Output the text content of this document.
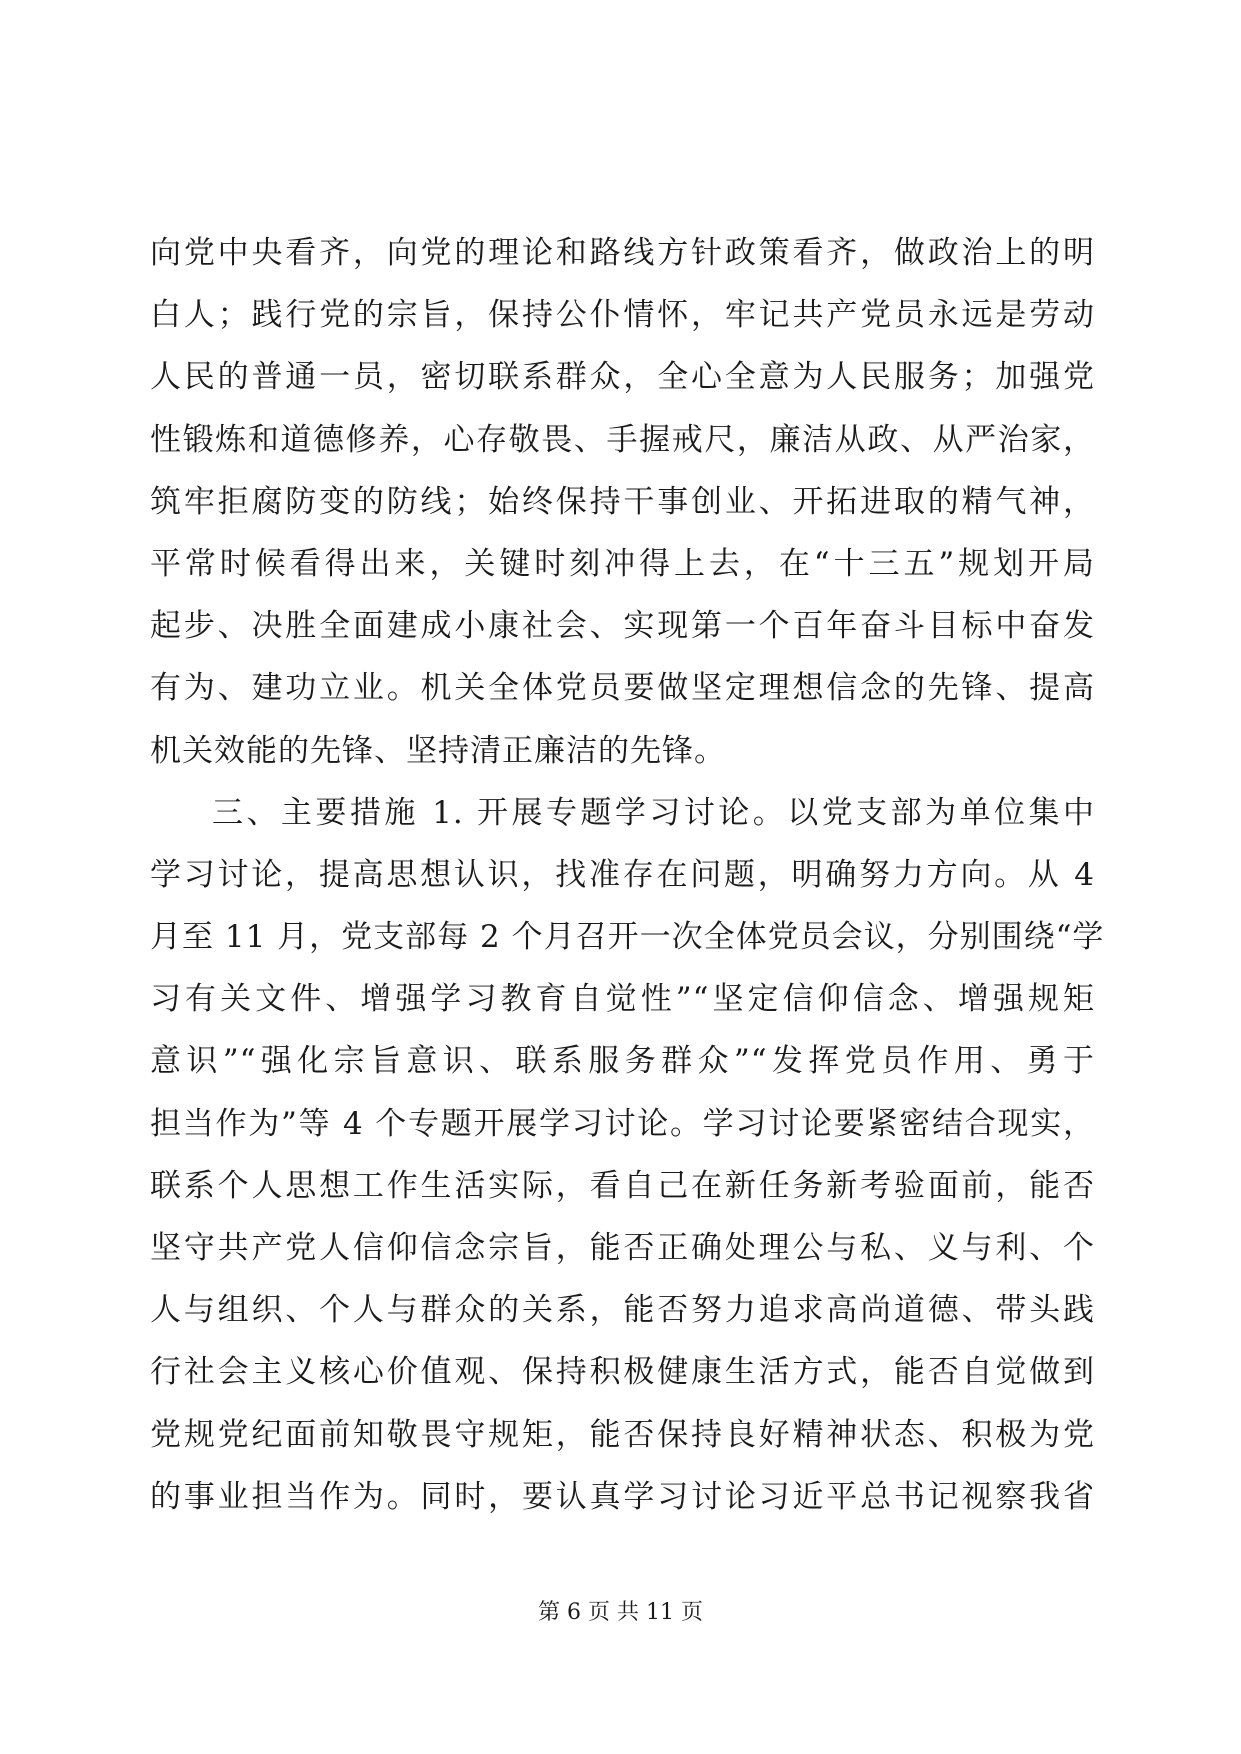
向党中央看齐，向党的理论和路线方针政策看齐，做政治上的明
白人；践行党的宗旨，保持公仆情怀，牢记共产党员永远是劳动
人民的普通一员，密切联系群众，全心全意为人民服务；加强党
性锻炼和道德修养，心存敬畏、手握戒尺，廉洁从政、从严治家，
筑牢拒腐防变的防线；始终保持干事创业、开拓进取的精气神，
平常时候看得出来，关键时刻冲得上去，在“十三五”规划开局
起步、决胜全面建成小康社会、实现第一个百年奋斗目标中奋发
有为、建功立业。机关全体党员要做坚定理想信念的先锋、提高
机关效能的先锋、坚持清正廉洁的先锋。
三、主要措施 1. 开展专题学习讨论。以党支部为单位集中
学习讨论，提高思想认识，找准存在问题，明确努力方向。从 4
月至 11 月，党支部每 2 个月召开一次全体党员会议，分别围绕“学
习有关文件、增强学习教育自觉性”“坚定信仰信念、增强规矩
意识”“强化宗旨意识、联系服务群众”“发挥党员作用、勇于
担当作为”等 4 个专题开展学习讨论。学习讨论要紧密结合现实，
联系个人思想工作生活实际，看自己在新任务新考验面前，能否
坚守共产党人信仰信念宗旨，能否正确处理公与私、义与利、个
人与组织、个人与群众的关系，能否努力追求高尚道德、带头践
行社会主义核心价值观、保持积极健康生活方式，能否自觉做到
党规党纪面前知敬畏守规矩，能否保持良好精神状态、积极为党
的事业担当作为。同时，要认真学习讨论习近平总书记视察我省
第 6 页 共 11 页
